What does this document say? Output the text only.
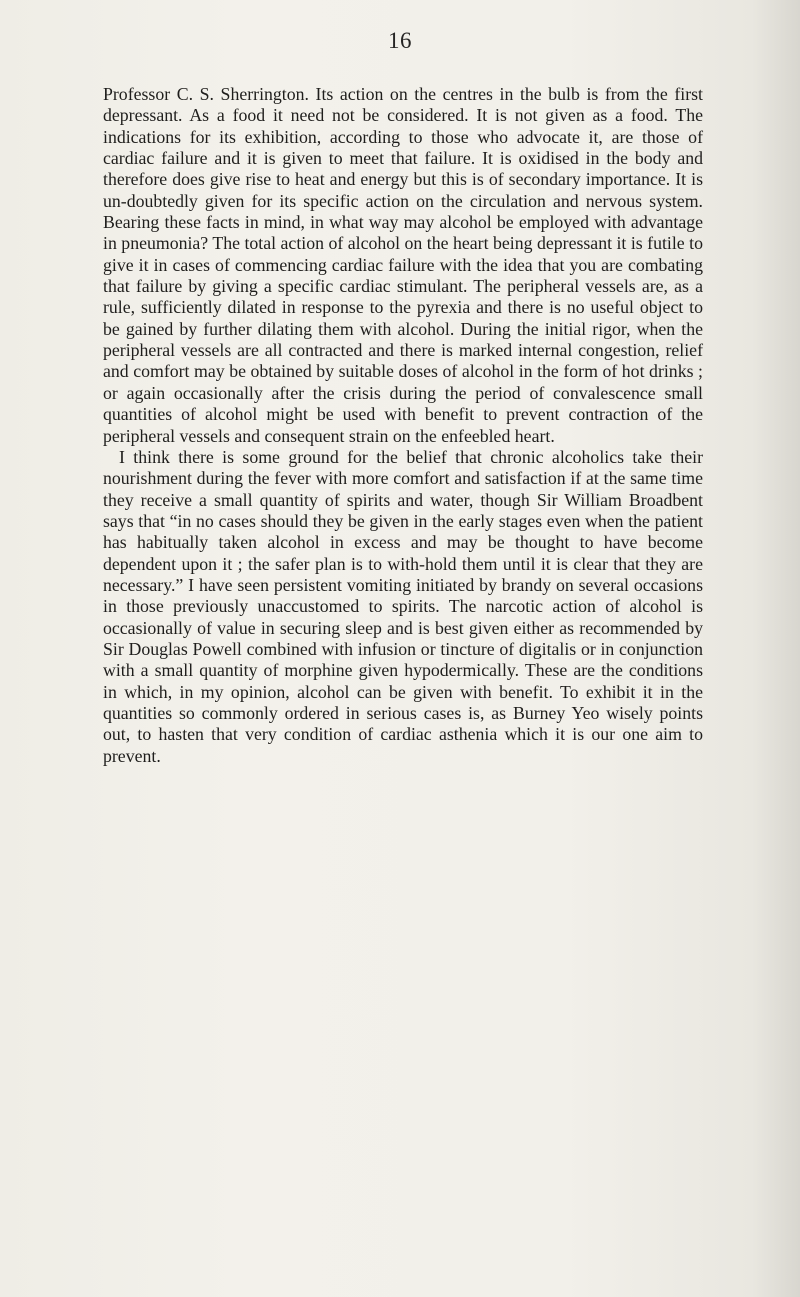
16

Professor C. S. Sherrington. Its action on the centres in the bulb is from the first depressant. As a food it need not be considered. It is not given as a food. The indications for its exhibition, according to those who advocate it, are those of cardiac failure and it is given to meet that failure. It is oxidised in the body and therefore does give rise to heat and energy but this is of secondary importance. It is un-doubtedly given for its specific action on the circulation and nervous system. Bearing these facts in mind, in what way may alcohol be employed with advantage in pneumonia? The total action of alcohol on the heart being depressant it is futile to give it in cases of commencing cardiac failure with the idea that you are combating that failure by giving a specific cardiac stimulant. The peripheral vessels are, as a rule, sufficiently dilated in response to the pyrexia and there is no useful object to be gained by further dilating them with alcohol. During the initial rigor, when the peripheral vessels are all contracted and there is marked internal congestion, relief and comfort may be obtained by suitable doses of alcohol in the form of hot drinks ; or again occasionally after the crisis during the period of convalescence small quantities of alcohol might be used with benefit to prevent contraction of the peripheral vessels and consequent strain on the enfeebled heart.

I think there is some ground for the belief that chronic alcoholics take their nourishment during the fever with more comfort and satisfaction if at the same time they receive a small quantity of spirits and water, though Sir William Broadbent says that “in no cases should they be given in the early stages even when the patient has habitually taken alcohol in excess and may be thought to have become dependent upon it ; the safer plan is to with-hold them until it is clear that they are necessary.” I have seen persistent vomiting initiated by brandy on several occasions in those previously unaccustomed to spirits. The narcotic action of alcohol is occasionally of value in securing sleep and is best given either as recommended by Sir Douglas Powell combined with infusion or tincture of digitalis or in conjunction with a small quantity of morphine given hypodermically. These are the conditions in which, in my opinion, alcohol can be given with benefit. To exhibit it in the quantities so commonly ordered in serious cases is, as Burney Yeo wisely points out, to hasten that very condition of cardiac asthenia which it is our one aim to prevent.
